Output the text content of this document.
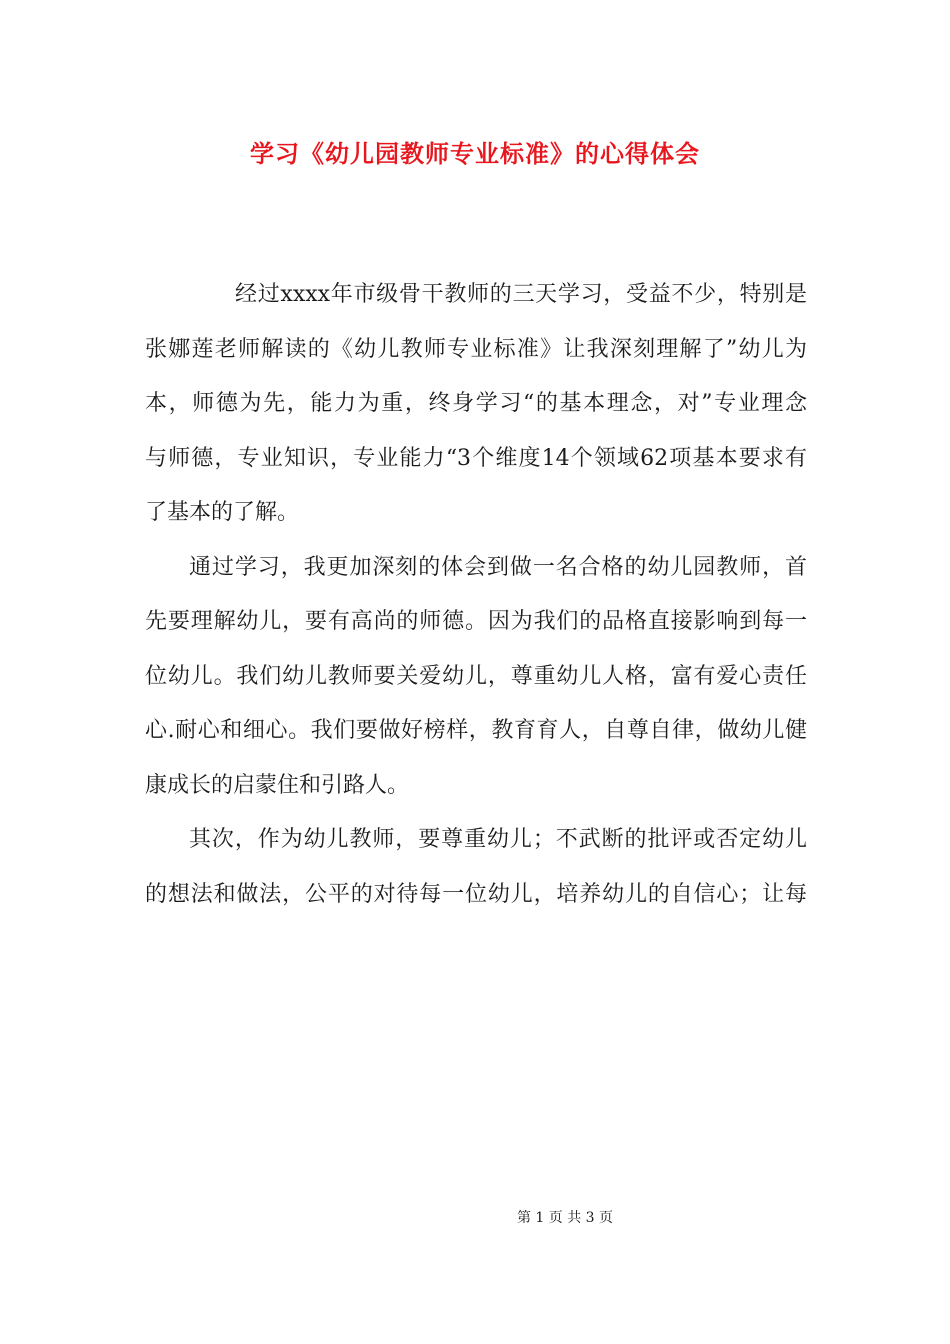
学习《幼儿园教师专业标准》的心得体会
经过xxxx年市级骨干教师的三天学习，受益不少，特别是
张娜莲老师解读的《幼儿教师专业标准》让我深刻理解了”幼儿为
本，师德为先，能力为重，终身学习“的基本理念，对”专业理念
与师德，专业知识，专业能力“3个维度14个领域62项基本要求有
了基本的了解。
通过学习，我更加深刻的体会到做一名合格的幼儿园教师，首
先要理解幼儿，要有高尚的师德。因为我们的品格直接影响到每一
位幼儿。我们幼儿教师要关爱幼儿，尊重幼儿人格，富有爱心责任
心.耐心和细心。我们要做好榜样，教育育人，自尊自律，做幼儿健
康成长的启蒙住和引路人。
其次，作为幼儿教师，要尊重幼儿；不武断的批评或否定幼儿
的想法和做法，公平的对待每一位幼儿，培养幼儿的自信心；让每
第 1 页 共 3 页
